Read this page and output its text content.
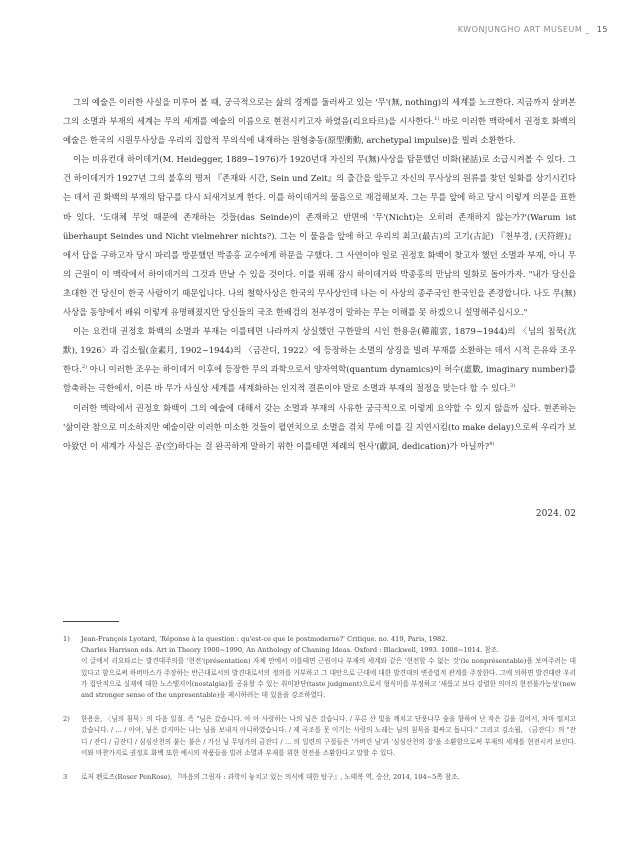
KWONJUNGHO ART MUSEUM _ 15

그의 예술은 이러한 사실을 미루어 볼 때, 궁극적으로는 삶의 경계를 둘러싸고 있는 '무'(無, nothing)의 세계를 노크한다. 지금까지 살펴본 그의 소멸과 부재의 세계는 무의 세계를 예술의 이름으로 현전시키고자 하였음(리요타르)을 시사한다.$^{1)}$ 바로 이러한 맥락에서 권정호 화백의 예술은 한국의 시원무사상을 우리의 집합적 무의식에 내재하는 원형충동(原型衝動, archetypal impulse)을 빌려 소환한다.

이는 비유컨대 하이데거(M. Heidegger, 1889~1976)가 1920년대 자신의 무(無)사상을 탐문했던 비화(祕話)로 소급시켜볼 수 있다. 그건 하이데거가 1927년 그의 불후의 명저 『존재와 시간, Sein und Zeit』의 출간을 앞두고 자신의 무사상의 원류를 찾던 일화를 상기시킨다는 데서 권 화백의 부재의 탐구를 다시 되새겨보게 한다. 이를 하이데거의 물음으로 재검해보자. 그는 무를 앞에 하고 당시 이렇게 의문을 표한 바 있다. '도대체 무엇 때문에 존재하는 것들(das Seinde)이 존재하고 반면에 '무'(Nicht)는 오히려 존재하지 않는가?'(Warum ist überhaupt Seindes und Nicht vielmehrer nichts?). 그는 이 물음을 앞에 하고 우리의 최고(最古)의 고기(古記) 『천부경, (天符經)』에서 답을 구하고자 당시 파리를 방문했던 박종홍 교수에게 하문을 구했다. 그 사연이야 일로 권정호 화백이 찾고자 했던 소멸과 부재, 아니 무의 근원이 이 맥락에서 하이데거의 그것과 만날 수 있을 것이다. 이를 위해 잠시 하이데거와 박종홍의 만남의 일화로 돌아가자. "내가 당신을 초대한 건 당신이 한국 사람이기 때문입니다. 나의 철학사상은 한국의 무사상인데 나는 이 사상의 종주국인 한국인을 존경합니다. 나도 무(無)사상을 동양에서 배워 이렇게 유명해졌지만 당신들의 국조 한배검의 천부경이 말하는 무는 이해를 못 하겠으니 설명해주십시오."

이는 요컨대 권정호 화백의 소멸과 부재는 이를테면 나라까지 상실했던 구한말의 시인 한용운(韓龍雲, 1879~1944)의 〈님의 침묵(沈默), 1926〉과 김소월(金素月, 1902~1944)의 〈금잔디, 1922〉에 등장하는 소멸의 상징을 빌려 부재를 소환하는 데서 시적 은유와 조우한다.$^{2)}$ 아니 이러한 조우는 하이데거 이후에 등장한 무의 과학으로서 양자역학(quantum dynamics)이 허수(虛數, imaginary number)를 함축하는 극한에서, 이른 바 무가 사실상 세계를 세계화하는 인지적 결론이야 말로 소멸과 부재의 절정을 맞는다 할 수 있다.$^{3)}$

이러한 맥락에서 권정호 화백이 그의 예술에 대해서 갖는 소멸과 부재의 사유한 궁극적으로 이렇게 요약할 수 있지 않을까 싶다. 현존하는 '삶이란 참으로 미소하지만 예술이란 이러한 미소한 것들이 펼연치으로 소멸을 겪치 무에 이를 길 지연시킴(to make delay)으로써 우리가 보아왔던 이 세계가 사실은 공(空)하다는 걸 완곡하게 말하기 위한 이를테면 제례의 헌사'(獻詞, dedication)가 아닐까?$^{4)}$

2024. 02
1)	Jean-François Lyotard, 'Réponse à la question : qu'est-ce que le postmoderne?' Critique. no. 419, Paris, 1982.
Charles Harrison eds. Art in Theory 1900~1990, An Anthology of Chaning Ideas. Oxford : Blackwell, 1993. 1008~1014. 참조.
이 글에서 리요타르는 발견대주의를 '현전'(présentation) 자체 안에서 이를테면 근원이나 부재의 세계와 같은 '현전할 수 없는 것'(le nonprésentable)을 보여주려는 데 있다고 함으로써 하버마스가 주장하는 반근대로서의 발견대로서의 정의를 거부하고 그 대안으로 근대에 대한 발견대의 변증법적 관계를 주장한다. 그에 의하면 발견대란 우리가 집단적으로 실재에 대한 노스탤지어(nostalgia)를 공유할 수 있는 취미판단(taste judgment)으로서 형식미를 부정하고 '새롭고 보다 강렬한 의미의 현전불가능성'(new and stronger sense of the unpresentable)을 제시하려는 데 있음을 강조하였다.
2)	한용운, 〈님의 침묵〉의 다음 일절. 즉 "님은 갔습니다. 아 아 사랑하는 나의 님은 갔습니다. / 푸른 산 빛을 깨치고 단풍나무 숲을 향하여 난 작은 길을 걸어서, 차마 떨치고 갔습니다. / … / 아아, 님은 갔지마는 나는 님을 보내지 아니하였습니다. / 제 곡조를 못 이기는 사랑의 노래는 님의 침묵을 휩싸고 돕니다." 그리고 김소월, 〈금잔디〉의 "잔디 / 잔디 / 금잔디 / 심심산천의 붙는 불은 / 가신 님 무덤가의 금잔디 / … 의 일련의 구절들은 '가버린 님'과 '심심산천의 잡'을 소환함으로써 부재의 세계를 현전시켜 보인다. 이와 마찬가지로 권정호 화백 또한 예시의 작품들을 빌려 소멸과 부재를 위한 현전을 소환한다고 말할 수 있다.
3	로저 펜로즈(Roser PenRose), 『마음의 그림자 : 과학이 놓치고 있는 의식에 대한 탐구』, 노태복 역, 승산, 2014, 104~5쪽 참조.
